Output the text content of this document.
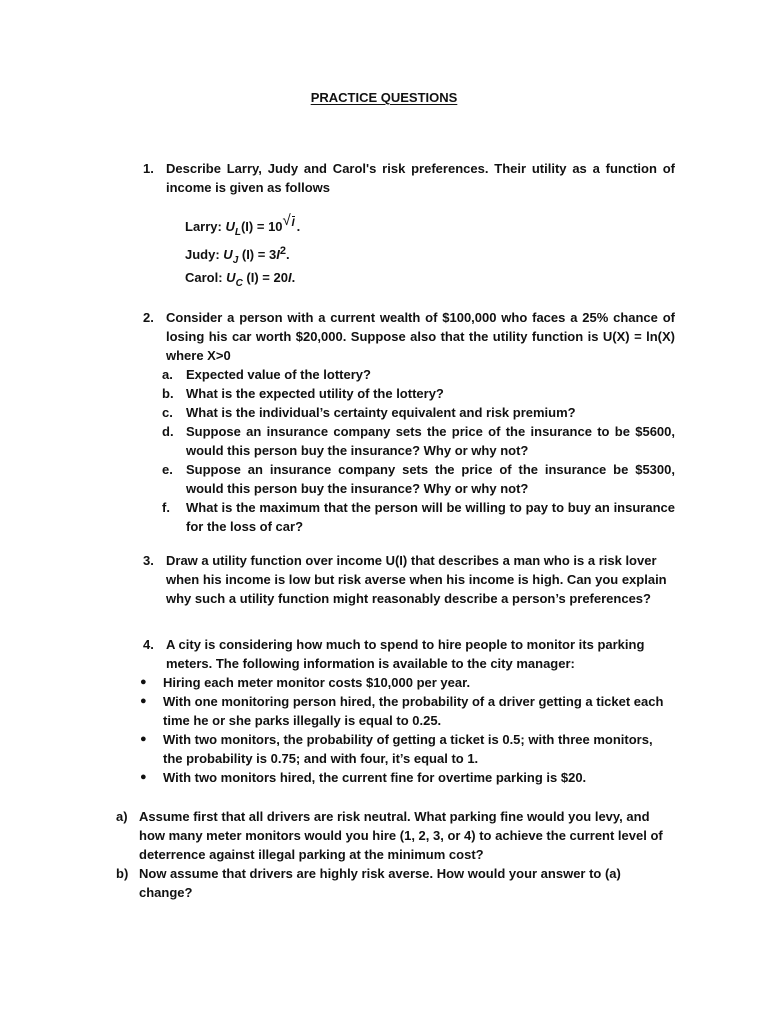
PRACTICE QUESTIONS
1. Describe Larry, Judy and Carol's risk preferences. Their utility as a function of income is given as follows
Larry: $U_L(I) = 10$ √ $^I$ .
Judy: $U_J$ $(I) = 3I^2$.
Carol: $U_C$ (I) = 20I.
2. Consider a person with a current wealth of $100,000 who faces a 25% chance of losing his car worth $20,000. Suppose also that the utility function is U(X) = ln(X) where X>0
a. Expected value of the lottery?
b. What is the expected utility of the lottery?
c. What is the individual’s certainty equivalent and risk premium?
d. Suppose an insurance company sets the price of the insurance to be $5600, would this person buy the insurance? Why or why not?
e. Suppose an insurance company sets the price of the insurance be $5300, would this person buy the insurance? Why or why not?
f. What is the maximum that the person will be willing to pay to buy an insurance for the loss of car?
3. Draw a utility function over income U(I) that describes a man who is a risk lover when his income is low but risk averse when his income is high. Can you explain why such a utility function might reasonably describe a person’s preferences?
4. A city is considering how much to spend to hire people to monitor its parking meters. The following information is available to the city manager:
● Hiring each meter monitor costs $10,000 per year.
● With one monitoring person hired, the probability of a driver getting a ticket each time he or she parks illegally is equal to 0.25.
● With two monitors, the probability of getting a ticket is 0.5; with three monitors, the probability is 0.75; and with four, it’s equal to 1.
● With two monitors hired, the current fine for overtime parking is $20.
a) Assume first that all drivers are risk neutral. What parking fine would you levy, and how many meter monitors would you hire (1, 2, 3, or 4) to achieve the current level of deterrence against illegal parking at the minimum cost?
b) Now assume that drivers are highly risk averse. How would your answer to (a) change?
